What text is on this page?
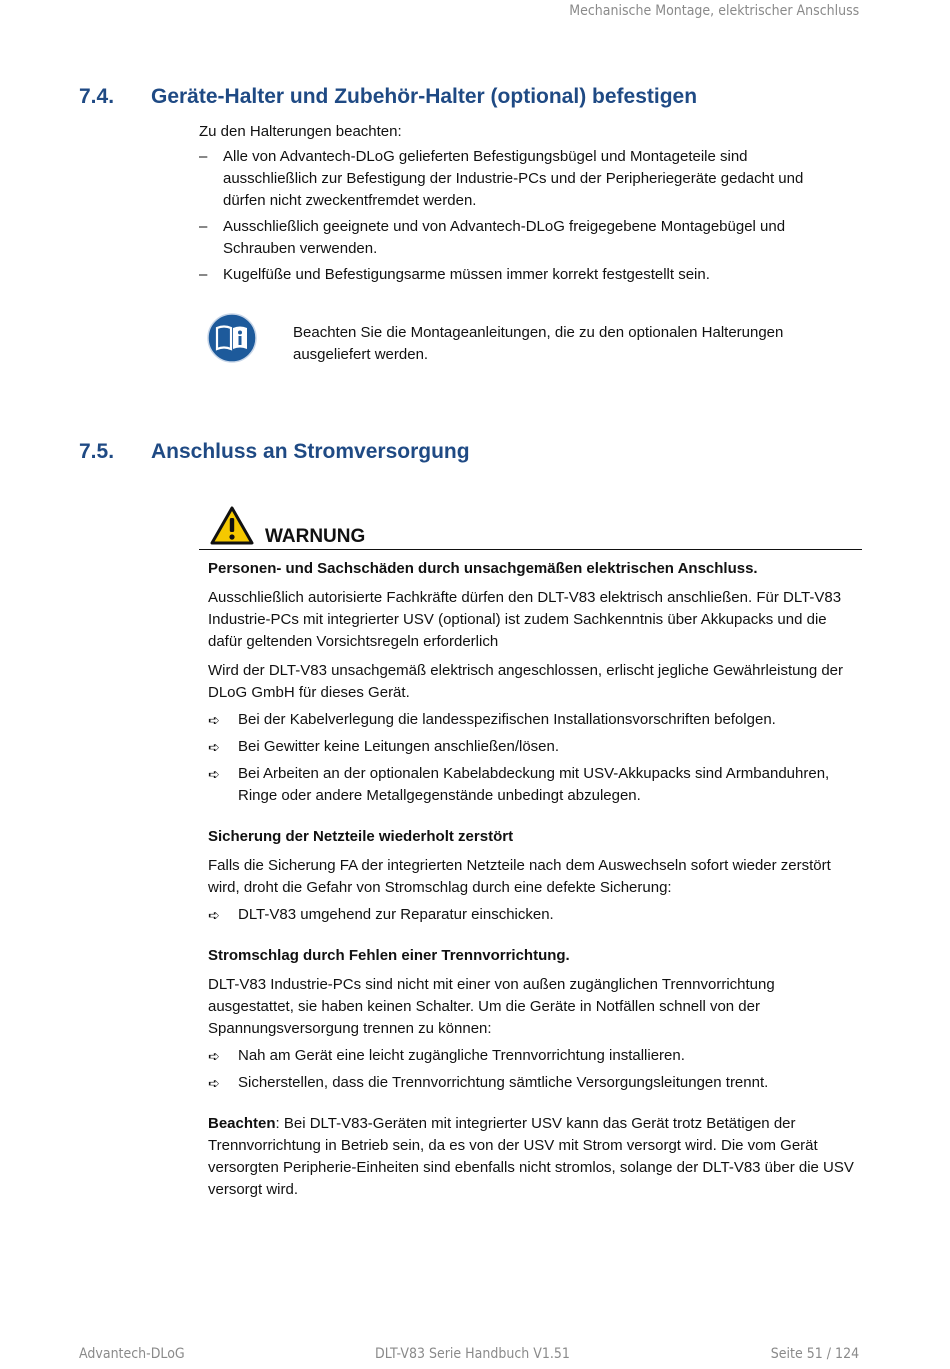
Mechanische Montage, elektrischer Anschluss
7.4. Geräte-Halter und Zubehör-Halter (optional) befestigen

Zu den Halterungen beachten:

– Alle von Advantech-DLoG gelieferten Befestigungsbügel und Montageteile sind ausschließlich zur Befestigung der Industrie-PCs und der Peripheriegeräte gedacht und dürfen nicht zweckentfremdet werden.
– Ausschließlich geeignete und von Advantech-DLoG freigegebene Montagebügel und Schrauben verwenden.
– Kugelfüße und Befestigungsarme müssen immer korrekt festgestellt sein.
Beachten Sie die Montageanleitungen, die zu den optionalen Halterungen ausgeliefert werden.
7.5. Anschluss an Stromversorgung
WARNUNG

Personen- und Sachschäden durch unsachgemäßen elektrischen Anschluss.

Ausschließlich autorisierte Fachkräfte dürfen den DLT-V83 elektrisch anschließen. Für DLT-V83 Industrie-PCs mit integrierter USV (optional) ist zudem Sachkenntnis über Akkupacks und die dafür geltenden Vorsichtsregeln erforderlich

Wird der DLT-V83 unsachgemäß elektrisch angeschlossen, erlischt jegliche Gewährleistung der DLoG GmbH für dieses Gerät.

➪ Bei der Kabelverlegung die landesspezifischen Installationsvorschriften befolgen.
➪ Bei Gewitter keine Leitungen anschließen/lösen.
➪ Bei Arbeiten an der optionalen Kabelabdeckung mit USV-Akkupacks sind Armbanduhren, Ringe oder andere Metallgegenstände unbedingt abzulegen.

Sicherung der Netzteile wiederholt zerstört

Falls die Sicherung FA der integrierten Netzteile nach dem Auswechseln sofort wieder zerstört wird, droht die Gefahr von Stromschlag durch eine defekte Sicherung:

➪ DLT-V83 umgehend zur Reparatur einschicken.

Stromschlag durch Fehlen einer Trennvorrichtung.

DLT-V83 Industrie-PCs sind nicht mit einer von außen zugänglichen Trennvorrichtung ausgestattet, sie haben keinen Schalter. Um die Geräte in Notfällen schnell von der Spannungsversorgung trennen zu können:

➪ Nah am Gerät eine leicht zugängliche Trennvorrichtung installieren.
➪ Sicherstellen, dass die Trennvorrichtung sämtliche Versorgungsleitungen trennt.

Beachten: Bei DLT-V83-Geräten mit integrierter USV kann das Gerät trotz Betätigen der Trennvorrichtung in Betrieb sein, da es von der USV mit Strom versorgt wird. Die vom Gerät versorgten Peripherie-Einheiten sind ebenfalls nicht stromlos, solange der DLT-V83 über die USV versorgt wird.

Advantech-DLoG	DLT-V83 Serie Handbuch V1.51	Seite 51 / 124
